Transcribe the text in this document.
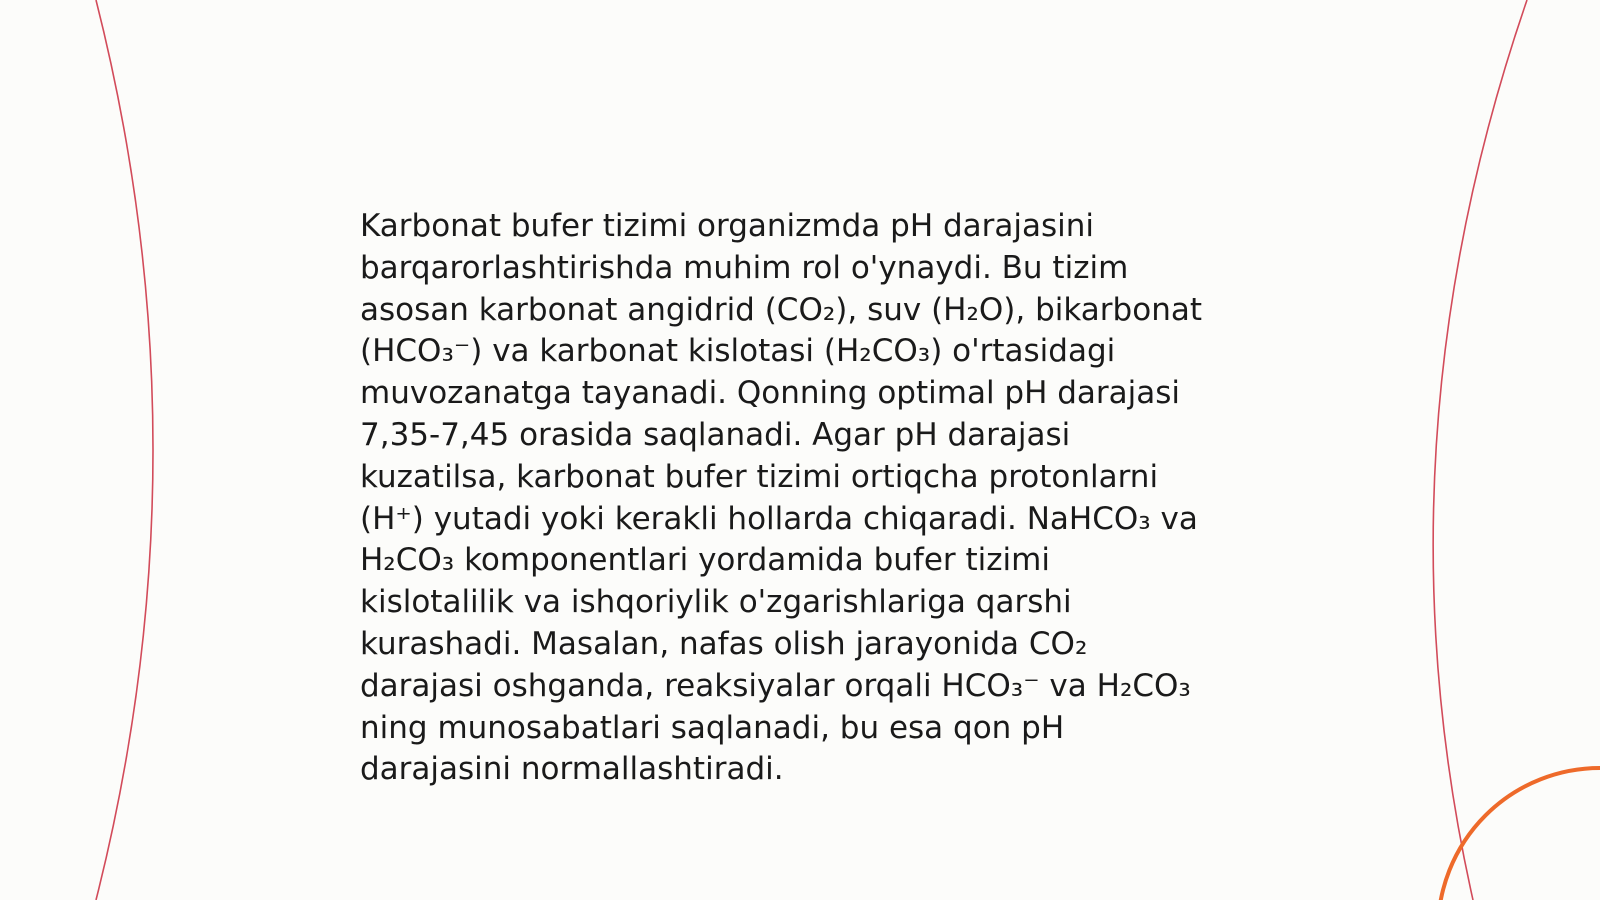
Karbonat bufer tizimi organizmda pH darajasini
barqarorlashtirishda muhim rol o'ynaydi. Bu tizim
asosan karbonat angidrid (CO₂), suv (H₂O), bikarbonat
(HCO₃⁻) va karbonat kislotasi (H₂CO₃) o'rtasidagi
muvozanatga tayanadi. Qonning optimal pH darajasi
7,35-7,45 orasida saqlanadi. Agar pH darajasi
kuzatilsa, karbonat bufer tizimi ortiqcha protonlarni
(H⁺) yutadi yoki kerakli hollarda chiqaradi. NaHCO₃ va
H₂CO₃ komponentlari yordamida bufer tizimi
kislotalilik va ishqoriylik o'zgarishlariga qarshi
kurashadi. Masalan, nafas olish jarayonida CO₂
darajasi oshganda, reaksiyalar orqali HCO₃⁻ va H₂CO₃
ning munosabatlari saqlanadi, bu esa qon pH
darajasini normallashtiradi.
